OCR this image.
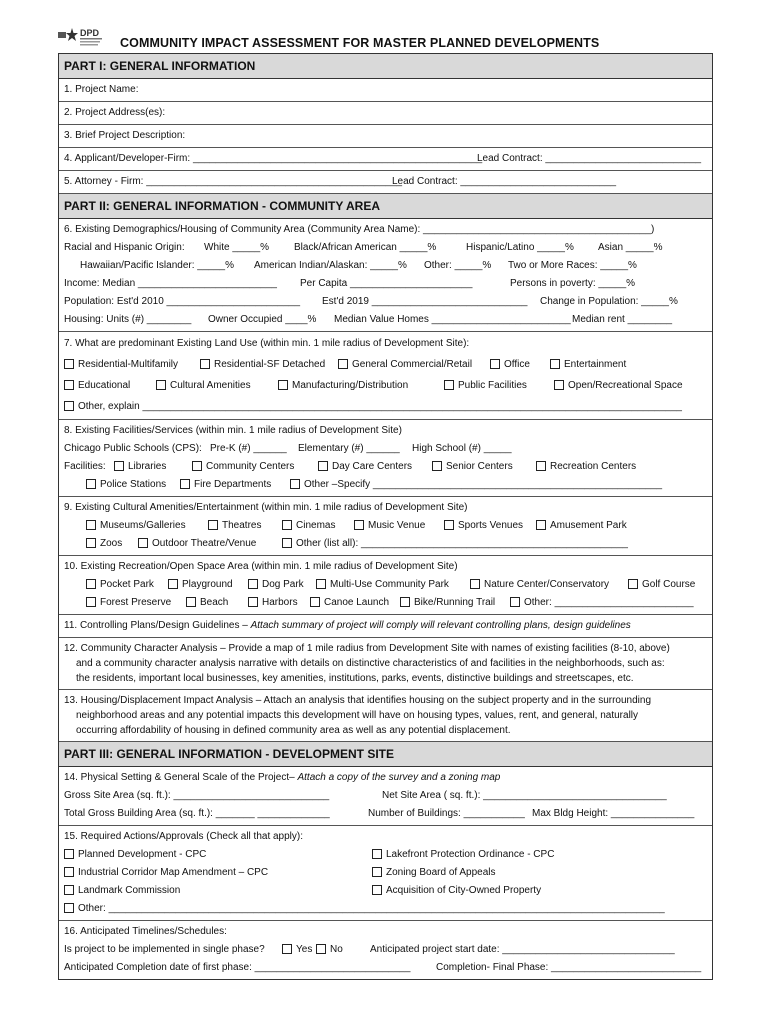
DPD
COMMUNITY IMPACT ASSESSMENT FOR MASTER PLANNED DEVELOPMENTS
PART I: GENERAL INFORMATION
1. Project Name:
2. Project Address(es):
3. Brief Project Description:
4. Applicant/Developer-Firm: ____________________________________________________
Lead Contract: ____________________________
5. Attorney - Firm: ______________________________________________
Lead Contract: ____________________________
PART II: GENERAL INFORMATION - COMMUNITY AREA
6. Existing Demographics/Housing of Community Area (Community Area Name): _________________________________________)
Racial and Hispanic Origin: White _____% Black/African American _____%	Hispanic/Latino _____% Asian _____%
Hawaiian/Pacific Islander: _____% American Indian/Alaskan: _____% Other: _____% Two or More Races: _____%
Income: Median _________________________ Per Capita ______________________	Persons in poverty: _____%
Population: Est'd 2010 ________________________ Est'd 2019 ____________________________ Change in Population: _____%
Housing: Units (#) ________ Owner Occupied ____% Median Value Homes _________________________ Median rent ________
7. What are predominant Existing Land Use (within min. 1 mile radius of Development Site):
Residential-Multifamily	Residential-SF Detached	General Commercial/Retail	Office	Entertainment
Educational	Cultural Amenities	Manufacturing/Distribution	Public Facilities	Open/Recreational Space
Other, explain _________________________________________________________________________________________________
8. Existing Facilities/Services (within min. 1 mile radius of Development Site)
Chicago Public Schools (CPS): Pre-K (#) ______ Elementary (#) ______ High School (#) _____
Facilities:	Libraries	Community Centers	Day Care Centers	Senior Centers	Recreation Centers
Police Stations	Fire Departments	Other –Specify ____________________________________________________
9. Existing Cultural Amenities/Entertainment (within min. 1 mile radius of Development Site)
Museums/Galleries	Theatres	Cinemas	Music Venue	Sports Venues	Amusement Park
Zoos	Outdoor Theatre/Venue	Other (list all): ________________________________________________
10. Existing Recreation/Open Space Area (within min. 1 mile radius of Development Site)
Pocket Park	Playground	Dog Park	Multi-Use Community Park	Nature Center/Conservatory	Golf Course
Forest Preserve	Beach	Harbors	Canoe Launch	Bike/Running Trail	Other: _________________________
11. Controlling Plans/Design Guidelines – Attach summary of project will comply will relevant controlling plans, design guidelines
12. Community Character Analysis – Provide a map of 1 mile radius from Development Site with names of existing facilities (8-10, above)
and a community character analysis narrative with details on distinctive characteristics of and facilities in the neighborhoods, such as:
the residents, important local businesses, key amenities, institutions, parks, events, distinctive buildings and streetscapes, etc.
13. Housing/Displacement Impact Analysis – Attach an analysis that identifies housing on the subject property and in the surrounding
neighborhood areas and any potential impacts this development will have on housing types, values, rent, and general, naturally
occurring affordability of housing in defined community area as well as any potential displacement.
PART III: GENERAL INFORMATION - DEVELOPMENT SITE
14. Physical Setting & General Scale of the Project– Attach a copy of the survey and a zoning map
Gross Site Area (sq. ft.): ____________________________	Net Site Area ( sq. ft.): _________________________________
Total Gross Building Area (sq. ft.): _______ _____________	Number of Buildings: ___________ Max Bldg Height: _______________
15. Required Actions/Approvals (Check all that apply):
Planned Development - CPC	Lakefront Protection Ordinance - CPC
Industrial Corridor Map Amendment – CPC	Zoning Board of Appeals
Landmark Commission	Acquisition of City-Owned Property
Other: ____________________________________________________________________________________________________
16. Anticipated Timelines/Schedules:
Is project to be implemented in single phase?	Yes	No	Anticipated project start date: _______________________________
Anticipated Completion date of first phase: ____________________________	Completion- Final Phase: ___________________________
